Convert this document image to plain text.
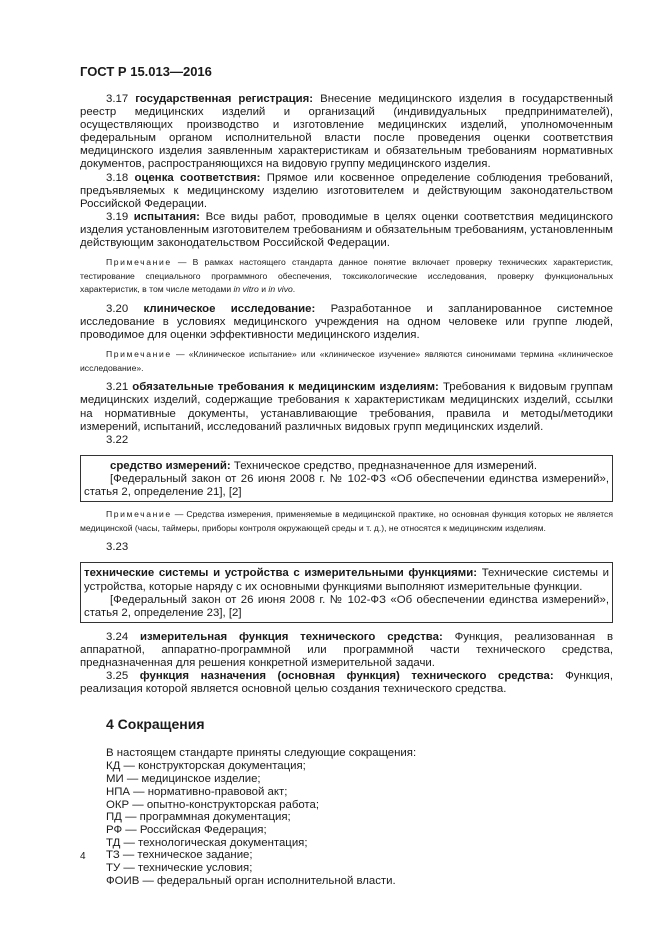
ГОСТ Р 15.013—2016

3.17 государственная регистрация: Внесение медицинского изделия в государственный реестр медицинских изделий и организаций (индивидуальных предпринимателей), осуществляющих производство и изготовление медицинских изделий, уполномоченным федеральным органом исполнительной власти после проведения оценки соответствия медицинского изделия заявленным характеристикам и обязательным требованиям нормативных документов, распространяющихся на видовую группу медицинского изделия.

3.18 оценка соответствия: Прямое или косвенное определение соблюдения требований, предъявляемых к медицинскому изделию изготовителем и действующим законодательством Российской Федерации.

3.19 испытания: Все виды работ, проводимые в целях оценки соответствия медицинского изделия установленным изготовителем требованиям и обязательным требованиям, установленным действующим законодательством Российской Федерации.

Примечание — В рамках настоящего стандарта данное понятие включает проверку технических характеристик, тестирование специального программного обеспечения, токсикологические исследования, проверку функциональных характеристик, в том числе методами in vitro и in vivo.

3.20 клиническое исследование: Разработанное и запланированное системное исследование в условиях медицинского учреждения на одном человеке или группе людей, проводимое для оценки эффективности медицинского изделия.

Примечание — «Клиническое испытание» или «клиническое изучение» являются синонимами термина «клиническое исследование».

3.21 обязательные требования к медицинским изделиям: Требования к видовым группам медицинских изделий, содержащие требования к характеристикам медицинских изделий, ссылки на нормативные документы, устанавливающие требования, правила и методы/методики измерений, испытаний, исследований различных видовых групп медицинских изделий.

3.22

средство измерений: Техническое средство, предназначенное для измерений.

[Федеральный закон от 26 июня 2008 г. № 102-ФЗ «Об обеспечении единства измерений», статья 2, определение 21], [2]

Примечание — Средства измерения, применяемые в медицинской практике, но основная функция которых не является медицинской (часы, таймеры, приборы контроля окружающей среды и т. д.), не относятся к медицинским изделиям.

3.23

технические системы и устройства с измерительными функциями: Технические системы и устройства, которые наряду с их основными функциями выполняют измерительные функции.

[Федеральный закон от 26 июня 2008 г. № 102-ФЗ «Об обеспечении единства измерений», статья 2, определение 23], [2]

3.24 измерительная функция технического средства: Функция, реализованная в аппаратной, аппаратно-программной или программной части технического средства, предназначенная для решения конкретной измерительной задачи.

3.25 функция назначения (основная функция) технического средства: Функция, реализация которой является основной целью создания технического средства.

4 Сокращения

В настоящем стандарте приняты следующие сокращения:

КД — конструкторская документация;
МИ — медицинское изделие;
НПА — нормативно-правовой акт;
ОКР — опытно-конструкторская работа;
ПД — программная документация;
РФ — Российская Федерация;
ТД — технологическая документация;
ТЗ — техническое задание;
ТУ — технические условия;
ФОИВ — федеральный орган исполнительной власти.
4
